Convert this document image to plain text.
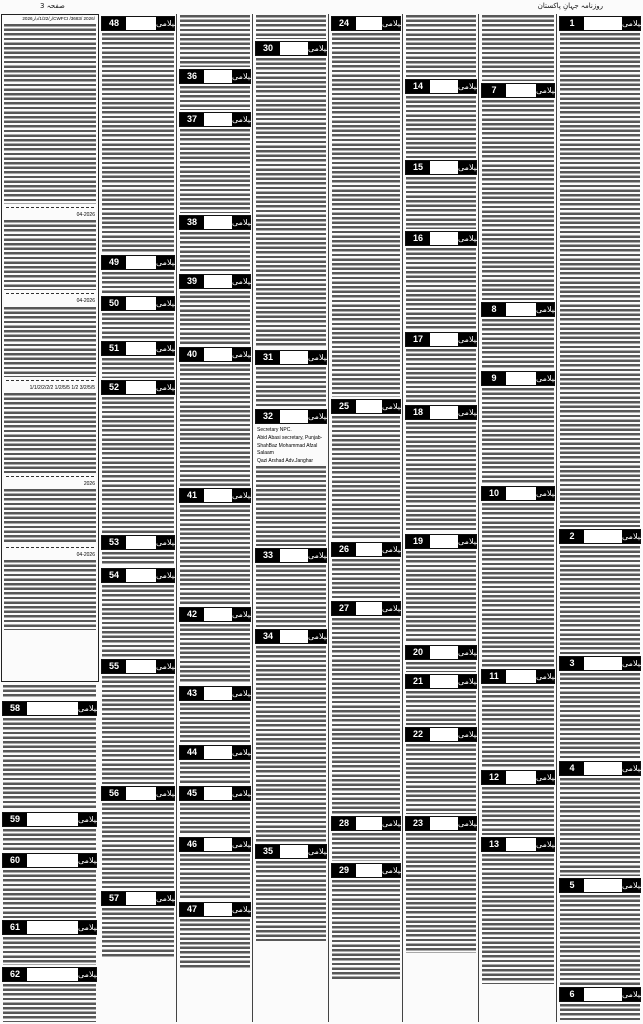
صفحہ 3	روزنامہ جہانِ پاکستان
2026ر/1/22/د/ر/CWFCI /3683/ 2026/
04-2026
04-2026
1/1/2/2/2/2 1/2/5/5 1/2 3/2/5/5
2026
04-2026
58	نیلامی
59	نیلامی
60	نیلامی
61	نیلامی
62	نیلامی
48	نیلامی
49	نیلامی
50	نیلامی
51	نیلامی
52	نیلامی
53	نیلامی
54	نیلامی
55	نیلامی
56	نیلامی
57	نیلامی
36	نیلامی
37	نیلامی
38	نیلامی
39	نیلامی
40	نیلامی
41	نیلامی
42	نیلامی
43	نیلامی
44	نیلامی
45	نیلامی
46	نیلامی
47	نیلامی
30	نیلامی
31	نیلامی
32	نیلامی
Secretary NPC.
Abid Abasi secretary, Punjab-
ShahBaz Mohammad Afzal Salaam
Qazi Arshad Adv.Janghar
33	نیلامی
34	نیلامی
35	نیلامی
24	نیلامی
25	نیلامی
26	نیلامی
27	نیلامی
28	نیلامی
29	نیلامی
14	نیلامی
15	نیلامی
16	نیلامی
17	نیلامی
18	نیلامی
19	نیلامی
20	نیلامی
21	نیلامی
22	نیلامی
23	نیلامی
7	نیلامی
8	نیلامی
9	نیلامی
10	نیلامی
11	نیلامی
12	نیلامی
13	نیلامی
1	نیلامی
2	نیلامی
3	نیلامی
4	نیلامی
5	نیلامی
6	نیلامی
